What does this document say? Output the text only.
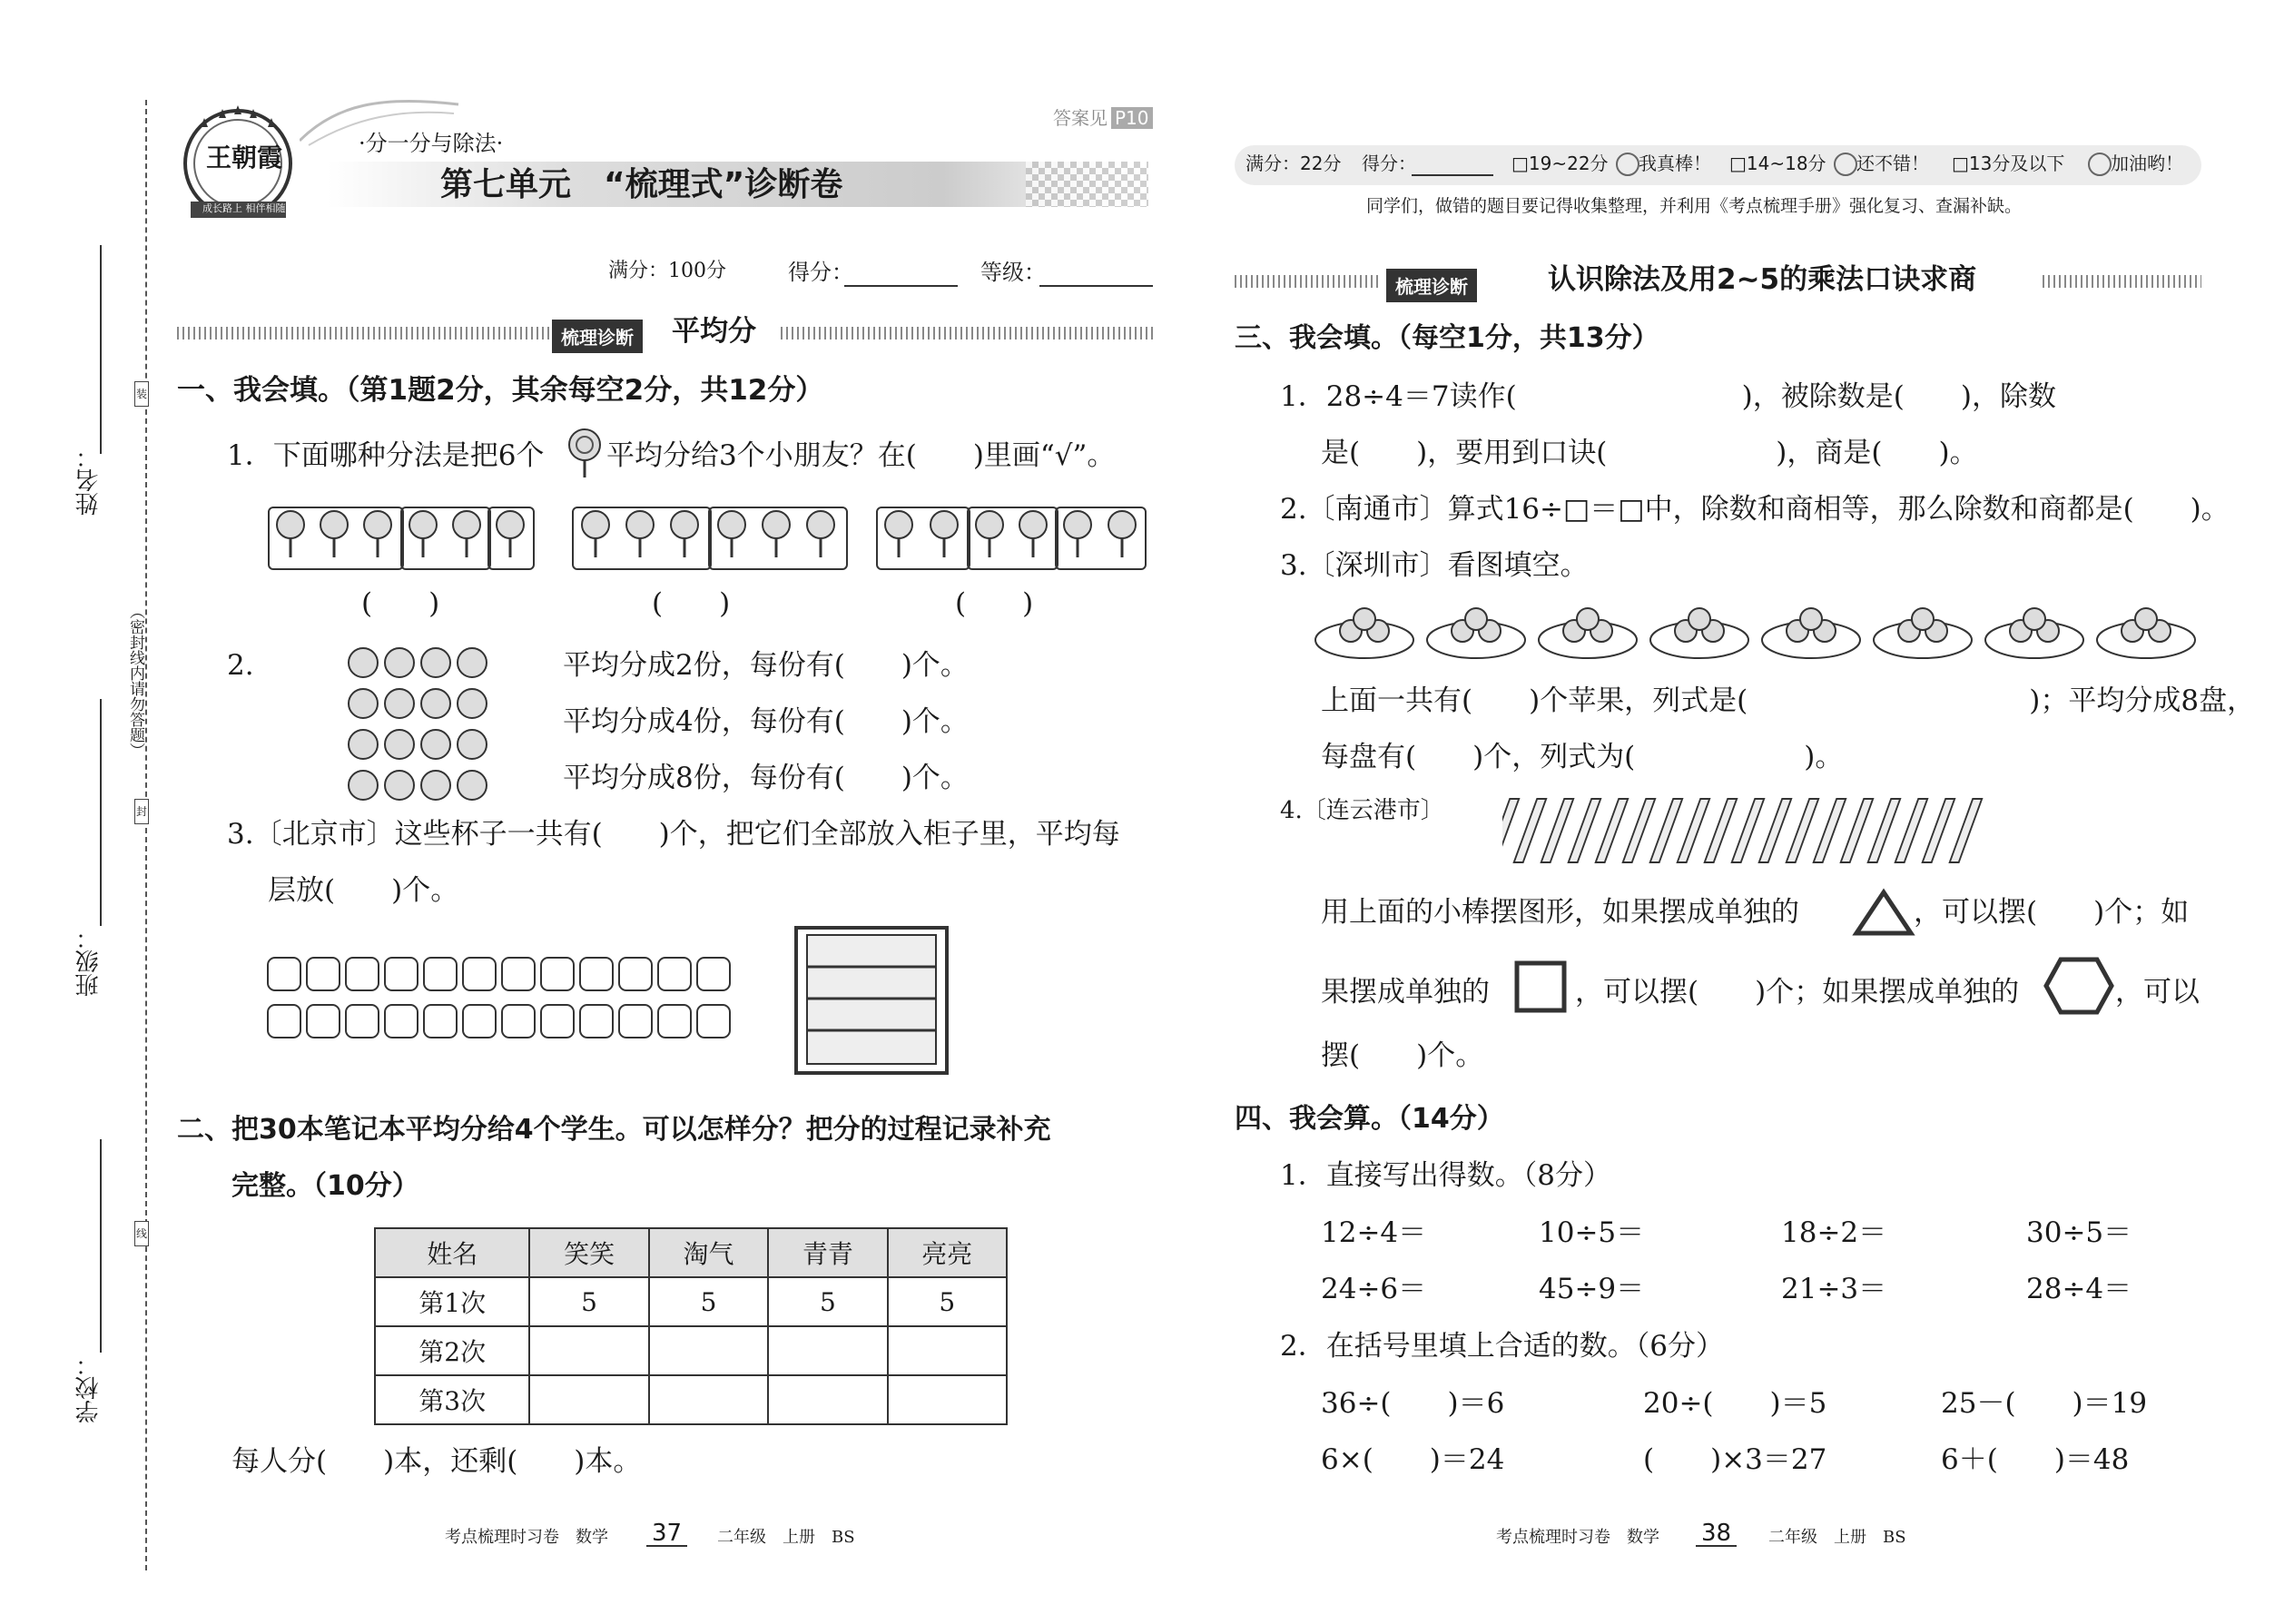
装
封
线
（密封线内请勿答题）
姓名：
班级：
学校：
王朝霞
成长路上 相伴相随
·分一分与除法·
第七单元　“梳理式”诊断卷
答案见 P10
满分：100分	得分：	等级：
梳理诊断	平均分
一、我会填。（第1题2分，其余每空2分，共12分）
1．下面哪种分法是把6个 平均分给3个小朋友？在(　　)里画“√”。
(　　)	(　　)	(　　)
2.	平均分成2份，每份有(　　)个。
平均分成4份，每份有(　　)个。
平均分成8份，每份有(　　)个。
3.〔北京市〕这些杯子一共有(　　)个，把它们全部放入柜子里，平均每
层放(　　)个。
二、把30本笔记本平均分给4个学生。可以怎样分？把分的过程记录补充
完整。（10分）
姓名	笑笑	淘气	青青	亮亮
第1次	5	5	5	5
第2次				
第3次				
每人分(　　)本，还剩(　　)本。
考点梳理时习卷　数学 37	二年级　上册　BS
满分：22分 得分：	□19~22分 我真棒！ □14~18分 还不错！ □13分及以下	加油哟！
同学们，做错的题目要记得收集整理，并利用《考点梳理手册》强化复习、查漏补缺。
梳理诊断	认识除法及用2~5的乘法口诀求商
三、我会填。（每空1分，共13分）
1．28÷4＝7读作(　　　　　　　　)，被除数是(　　)，除数
是(　　)，要用到口诀(　　　　　　)，商是(　　)。
2.〔南通市〕算式16÷□＝□中，除数和商相等，那么除数和商都是(　　)。
3.〔深圳市〕看图填空。
上面一共有(　　)个苹果，列式是(　　　　　　　　　　)；平均分成8盘，
每盘有(　　)个，列式为(　　　　　　)。
4.〔连云港市〕
用上面的小棒摆图形，如果摆成单独的	，可以摆(　　)个；如
果摆成单独的	，可以摆(　　)个；如果摆成单独的	，可以
摆(　　)个。
四、我会算。（14分）
1．直接写出得数。（8分）
12÷4＝	10÷5＝	18÷2＝	30÷5＝
24÷6＝	45÷9＝	21÷3＝	28÷4＝
2．在括号里填上合适的数。（6分）
36÷(　　)＝6	20÷(　　)＝5	25－(　　)＝19
6×(　　)＝24	(　　)×3＝27	6＋(　　)＝48
考点梳理时习卷　数学 38	二年级　上册　BS
